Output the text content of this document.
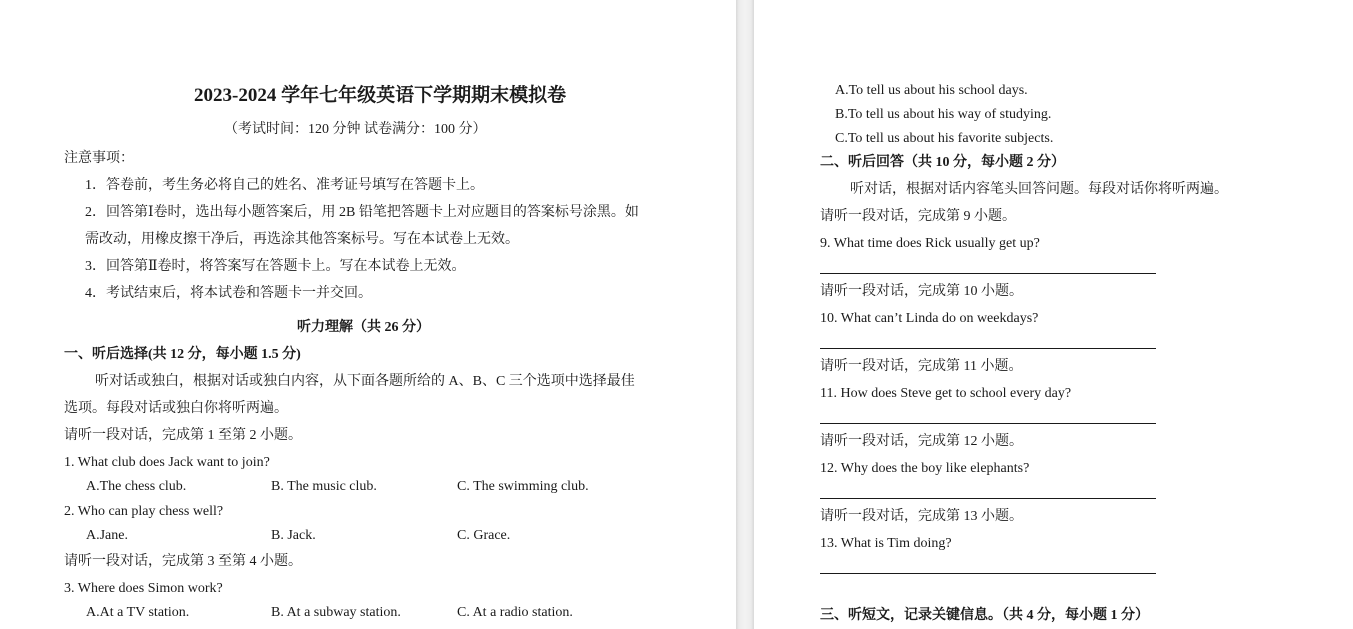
2023-2024 学年七年级英语下学期期末模拟卷
（考试时间：120 分钟 试卷满分：100 分）
注意事项：
1．答卷前，考生务必将自己的姓名、准考证号填写在答题卡上。
2．回答第Ⅰ卷时，选出每小题答案后，用 2B 铅笔把答题卡上对应题目的答案标号涂黑。如
需改动，用橡皮擦干净后，再选涂其他答案标号。写在本试卷上无效。
3．回答第Ⅱ卷时，将答案写在答题卡上。写在本试卷上无效。
4．考试结束后，将本试卷和答题卡一并交回。
听力理解（共 26 分）
一、听后选择(共 12 分，每小题 1.5 分)
听对话或独白，根据对话或独白内容，从下面各题所给的 A、B、C 三个选项中选择最佳
选项。每段对话或独白你将听两遍。
请听一段对话，完成第 1 至第 2 小题。
1. What club does Jack want to join?
A.The chess club.	B. The music club.	C. The swimming club.
2. Who can play chess well?
A.Jane.	B. Jack.	C. Grace.
请听一段对话，完成第 3 至第 4 小题。
3. Where does Simon work?
A.At a TV station.	B. At a subway station.	C. At a radio station.
A.To tell us about his school days.
B.To tell us about his way of studying.
C.To tell us about his favorite subjects.
二、听后回答（共 10 分，每小题 2 分）
听对话，根据对话内容笔头回答问题。每段对话你将听两遍。
请听一段对话，完成第 9 小题。
9. What time does Rick usually get up?
请听一段对话，完成第 10 小题。
10. What can’t Linda do on weekdays?
请听一段对话，完成第 11 小题。
11. How does Steve get to school every day?
请听一段对话，完成第 12 小题。
12. Why does the boy like elephants?
请听一段对话，完成第 13 小题。
13. What is Tim doing?
三、听短文，记录关键信息。（共 4 分，每小题 1 分）
